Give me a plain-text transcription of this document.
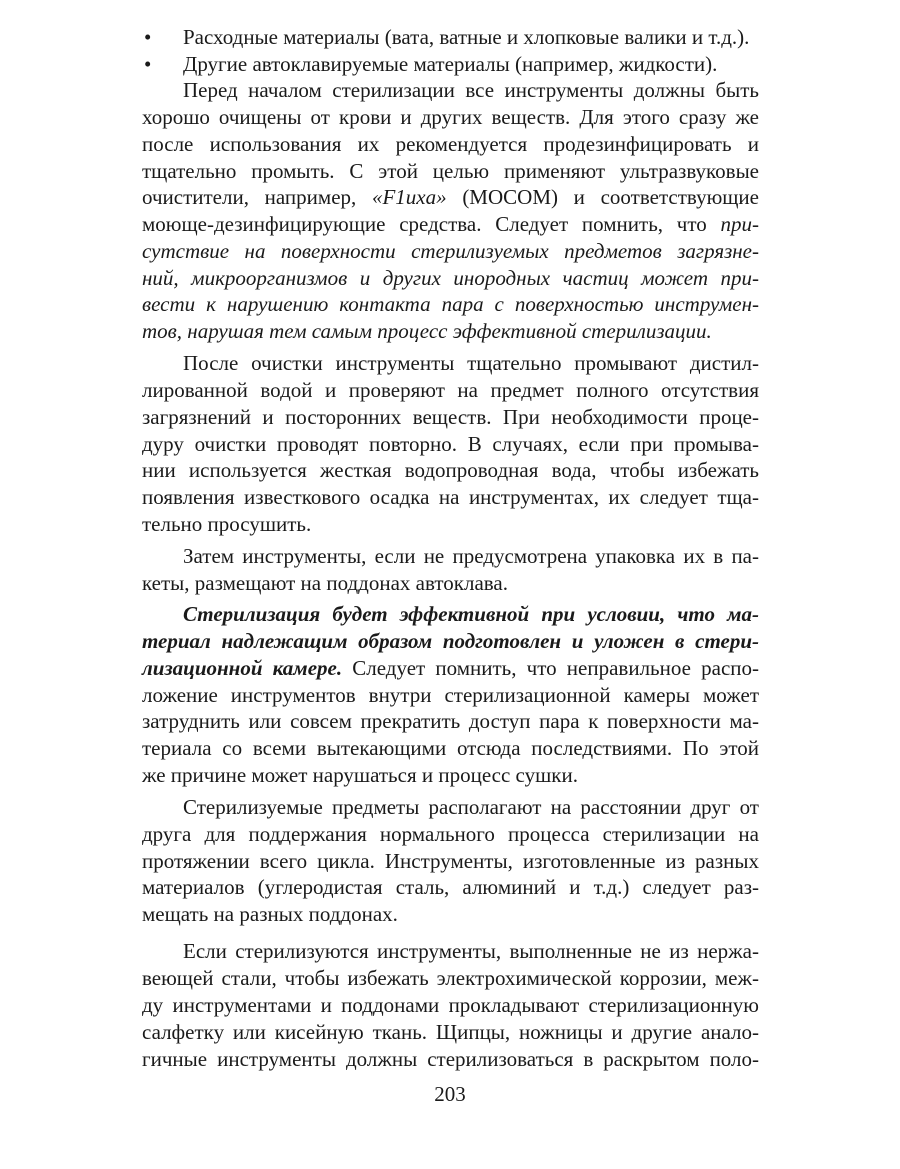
• Расходные материалы (вата, ватные и хлопковые валики и т.д.).
• Другие автоклавируемые материалы (например, жидкости).
Перед началом стерилизации все инструменты должны быть
хорошо очищены от крови и других веществ. Для этого сразу же
после использования их рекомендуется продезинфицировать и
тщательно промыть. С этой целью применяют ультразвуковые
очистители, например, «F1uxa» (MOCOM) и соответствующие
моюще-дезинфицирующие средства. Следует помнить, что при-
сутствие на поверхности стерилизуемых предметов загрязне-
ний, микроорганизмов и других инородных частиц может при-
вести к нарушению контакта пара с поверхностью инструмен-
тов, нарушая тем самым процесс эффективной стерилизации.
После очистки инструменты тщательно промывают дистил-
лированной водой и проверяют на предмет полного отсутствия
загрязнений и посторонних веществ. При необходимости проце-
дуру очистки проводят повторно. В случаях, если при промыва-
нии используется жесткая водопроводная вода, чтобы избежать
появления известкового осадка на инструментах, их следует тща-
тельно просушить.
Затем инструменты, если не предусмотрена упаковка их в па-
кеты, размещают на поддонах автоклава.
Стерилизация будет эффективной при условии, что ма-
териал надлежащим образом подготовлен и уложен в стери-
лизационной камере. Следует помнить, что неправильное распо-
ложение инструментов внутри стерилизационной камеры может
затруднить или совсем прекратить доступ пара к поверхности ма-
териала со всеми вытекающими отсюда последствиями. По этой
же причине может нарушаться и процесс сушки.
Стерилизуемые предметы располагают на расстоянии друг от
друга для поддержания нормального процесса стерилизации на
протяжении всего цикла. Инструменты, изготовленные из разных
материалов (углеродистая сталь, алюминий и т.д.) следует раз-
мещать на разных поддонах.
Если стерилизуются инструменты, выполненные не из нержа-
веющей стали, чтобы избежать электрохимической коррозии, меж-
ду инструментами и поддонами прокладывают стерилизационную
салфетку или кисейную ткань. Щипцы, ножницы и другие анало-
гичные инструменты должны стерилизоваться в раскрытом поло-
203
